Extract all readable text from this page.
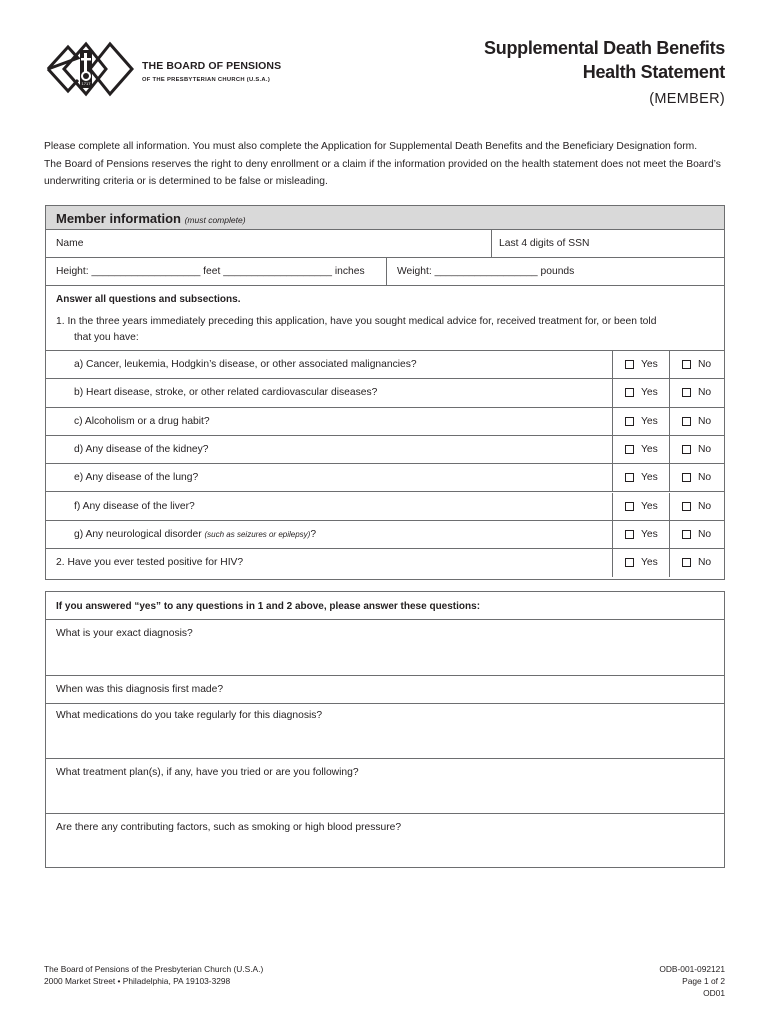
1717
THE BOARD OF PENSIONS
OF THE PRESBYTERIAN CHURCH (U.S.A.)
Supplemental Death Benefits
Health Statement
(MEMBER)
Please complete all information. You must also complete the Application for Supplemental Death Benefits and the Beneficiary Designation form.
The Board of Pensions reserves the right to deny enrollment or a claim if the information provided on the health statement does not meet the Board’s
underwriting criteria or is determined to be false or misleading.
Member information (must complete)
Name	Last 4 digits of SSN
Height: ___________________ feet ___________________ inches	Weight: __________________ pounds
Answer all questions and subsections.
1. In the three years immediately preceding this application, have you sought medical advice for, received treatment for, or been told
that you have:
a) Cancer, leukemia, Hodgkin’s disease, or other associated malignancies?	Yes	No
b) Heart disease, stroke, or other related cardiovascular diseases?	Yes	No
c) Alcoholism or a drug habit?	Yes	No
d) Any disease of the kidney?	Yes	No
e) Any disease of the lung?	Yes	No
f) Any disease of the liver?	Yes	No
g) Any neurological disorder (such as seizures or epilepsy)?	Yes	No
2. Have you ever tested positive for HIV?	Yes	No
If you answered “yes” to any questions in 1 and 2 above, please answer these questions:
What is your exact diagnosis?
When was this diagnosis first made?
What medications do you take regularly for this diagnosis?
What treatment plan(s), if any, have you tried or are you following?
Are there any contributing factors, such as smoking or high blood pressure?
The Board of Pensions of the Presbyterian Church (U.S.A.)
2000 Market Street • Philadelphia, PA 19103-3298
ODB-001-092121
Page 1 of 2
OD01
